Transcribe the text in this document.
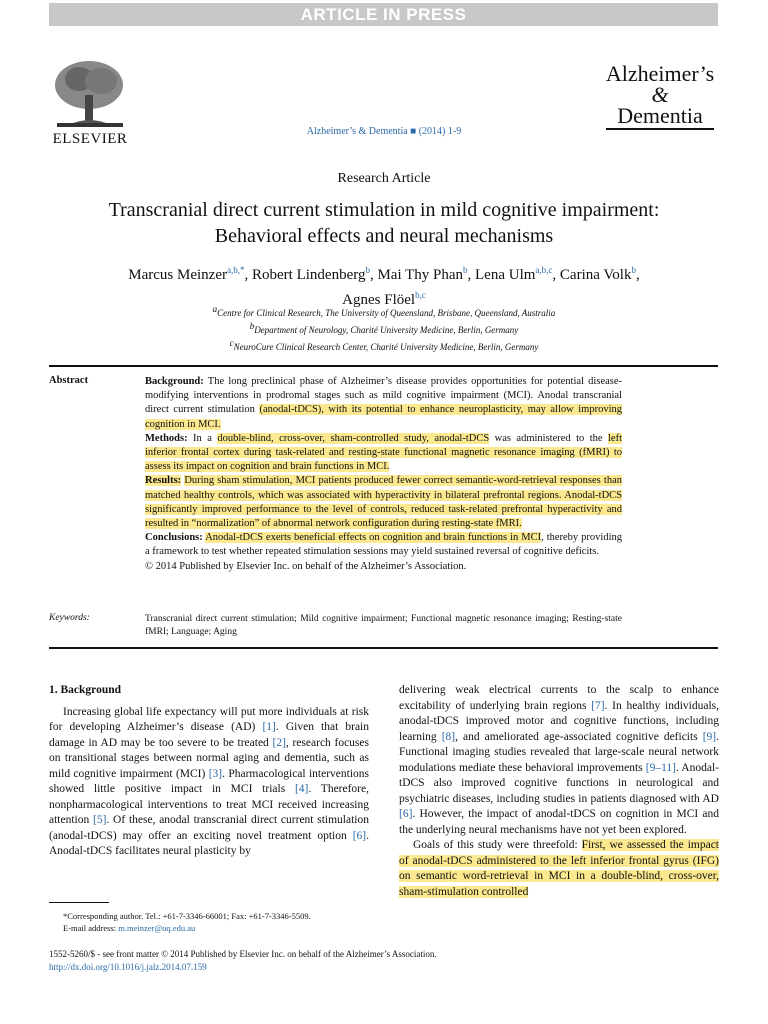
ARTICLE IN PRESS
ELSEVIER	Alzheimer’s & Dementia ■ (2014) 1-9
Alzheimer’s
&
Dementia
Research Article
Transcranial direct current stimulation in mild cognitive impairment:
Behavioral effects and neural mechanisms
Marcus Meinzer$^{a,b,*}$, Robert Lindenberg$^b$, Mai Thy Phan$^b$, Lena Ulm$^{a,b,c}$, Carina Volk$^b$,
Agnes Flöel$^{b,c}$
$^a$Centre for Clinical Research, The University of Queensland, Brisbane, Queensland, Australia
$^b$Department of Neurology, Charité University Medicine, Berlin, Germany
$^c$NeuroCure Clinical Research Center, Charité University Medicine, Berlin, Germany
Abstract	Background: The long preclinical phase of Alzheimer’s disease provides opportunities for potential disease-modifying interventions in prodromal stages such as mild cognitive impairment (MCI). Anodal transcranial direct current stimulation (anodal-tDCS), with its potential to enhance neuroplasticity, may allow improving cognition in MCI.
Methods: In a double-blind, cross-over, sham-controlled study, anodal-tDCS was administered to the left inferior frontal cortex during task-related and resting-state functional magnetic resonance imaging (fMRI) to assess its impact on cognition and brain functions in MCI.
Results: During sham stimulation, MCI patients produced fewer correct semantic-word-retrieval responses than matched healthy controls, which was associated with hyperactivity in bilateral prefrontal regions. Anodal-tDCS significantly improved performance to the level of controls, reduced task-related prefrontal hyperactivity and resulted in “normalization” of abnormal network configuration during resting-state fMRI.
Conclusions: Anodal-tDCS exerts beneficial effects on cognition and brain functions in MCI, thereby providing a framework to test whether repeated stimulation sessions may yield sustained reversal of cognitive deficits.
© 2014 Published by Elsevier Inc. on behalf of the Alzheimer’s Association.
Keywords:	Transcranial direct current stimulation; Mild cognitive impairment; Functional magnetic resonance imaging; Resting-state fMRI; Language; Aging
1. Background

Increasing global life expectancy will put more individuals at risk for developing Alzheimer’s disease (AD) [1]. Given that brain damage in AD may be too severe to be treated [2], research focuses on transitional stages between normal aging and dementia, such as mild cognitive impairment (MCI) [3]. Pharmacological interventions showed little positive impact in MCI trials [4]. Therefore, nonpharmacological interventions to treat MCI received increasing attention [5]. Of these, anodal transcranial direct current stimulation (anodal-tDCS) may offer an exciting novel treatment option [6]. Anodal-tDCS facilitates neural plasticity by

delivering weak electrical currents to the scalp to enhance excitability of underlying brain regions [7]. In healthy individuals, anodal-tDCS improved motor and cognitive functions, including learning [8], and ameliorated age-associated cognitive deficits [9]. Functional imaging studies revealed that large-scale neural network modulations mediate these behavioral improvements [9–11]. Anodal-tDCS also improved cognitive functions in neurological and psychiatric diseases, including studies in patients diagnosed with AD [6]. However, the impact of anodal-tDCS on cognition in MCI and the underlying neural mechanisms have not yet been explored.

Goals of this study were threefold: First, we assessed the impact of anodal-tDCS administered to the left inferior frontal gyrus (IFG) on semantic word-retrieval in MCI in a double-blind, cross-over, sham-stimulation controlled

*Corresponding author. Tel.: +61-7-3346-66001; Fax: +61-7-3346-5509.
E-mail address: m.meinzer@uq.edu.au
1552-5260/$ - see front matter © 2014 Published by Elsevier Inc. on behalf of the Alzheimer’s Association.
http://dx.doi.org/10.1016/j.jalz.2014.07.159
